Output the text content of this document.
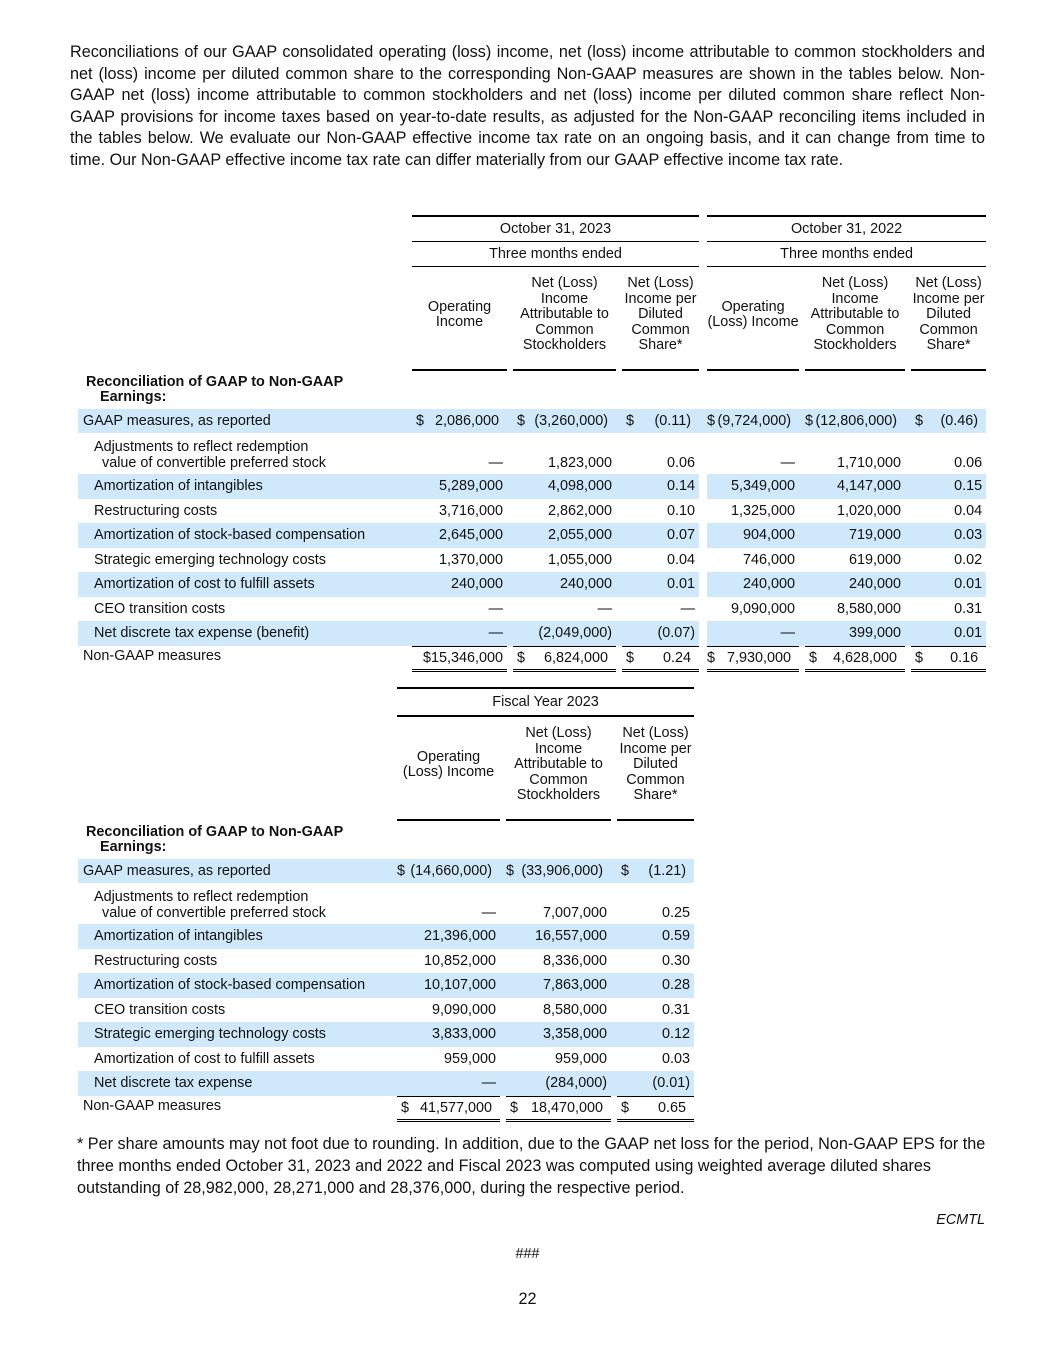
Reconciliations of our GAAP consolidated operating (loss) income, net (loss) income attributable to common stockholders and net (loss) income per diluted common share to the corresponding Non-GAAP measures are shown in the tables below. Non-GAAP net (loss) income attributable to common stockholders and net (loss) income per diluted common share reflect Non-GAAP provisions for income taxes based on year-to-date results, as adjusted for the Non-GAAP reconciling items included in the tables below. We evaluate our Non-GAAP effective income tax rate on an ongoing basis, and it can change from time to time. Our Non-GAAP effective income tax rate can differ materially from our GAAP effective income tax rate.

	October 31, 2023						October 31, 2022				
	Three months ended						Three months ended				
	Operating Income		Net (Loss) Income Attributable to Common Stockholders		Net (Loss) Income per Diluted Common Share*		Operating (Loss) Income		Net (Loss) Income Attributable to Common Stockholders		Net (Loss) Income per Diluted Common Share*

Reconciliation of GAAP to Non-GAAP
Earnings:											

GAAP measures, as reported	$ 2,086,000		$ (3,260,000)		$ (0.11)		$ (9,724,000)		$ (12,806,000)		$ (0.46)

Adjustments to reflect redemption
value of convertible preferred stock	—		1,823,000		0.06		—		1,710,000		0.06
Amortization of intangibles	5,289,000		4,098,000		0.14		5,349,000		4,147,000		0.15
Restructuring costs	3,716,000		2,862,000		0.10		1,325,000		1,020,000		0.04
Amortization of stock-based compensation	2,645,000		2,055,000		0.07		904,000		719,000		0.03
Strategic emerging technology costs	1,370,000		1,055,000		0.04		746,000		619,000		0.02
Amortization of cost to fulfill assets	240,000		240,000		0.01		240,000		240,000		0.01
CEO transition costs	—		—		—		9,090,000		8,580,000		0.31
Net discrete tax expense (benefit)	—		(2,049,000)		(0.07)		—		399,000		0.01
Non-GAAP measures	$15,346,000		$ 6,824,000		$ 0.24		$ 7,930,000		$ 4,628,000		$ 0.16
	Fiscal Year 2023				
	Operating (Loss) Income		Net (Loss) Income Attributable to Common Stockholders		Net (Loss) Income per Diluted Common Share*

Reconciliation of GAAP to Non-GAAP
Earnings:					

GAAP measures, as reported	$ (14,660,000)		$ (33,906,000)		$ (1.21)

Adjustments to reflect redemption
value of convertible preferred stock	—		7,007,000		0.25
Amortization of intangibles	21,396,000		16,557,000		0.59
Restructuring costs	10,852,000		8,336,000		0.30
Amortization of stock-based compensation	10,107,000		7,863,000		0.28
CEO transition costs	9,090,000		8,580,000		0.31
Strategic emerging technology costs	3,833,000		3,358,000		0.12
Amortization of cost to fulfill assets	959,000		959,000		0.03
Net discrete tax expense	—		(284,000)		(0.01)
Non-GAAP measures	$ 41,577,000		$ 18,470,000		$ 0.65

* Per share amounts may not foot due to rounding. In addition, due to the GAAP net loss for the period, Non-GAAP EPS for the three months ended October 31, 2023 and 2022 and Fiscal 2023 was computed using weighted average diluted shares outstanding of 28,982,000, 28,271,000 and 28,376,000, during the respective period.

ECMTL
###
22
